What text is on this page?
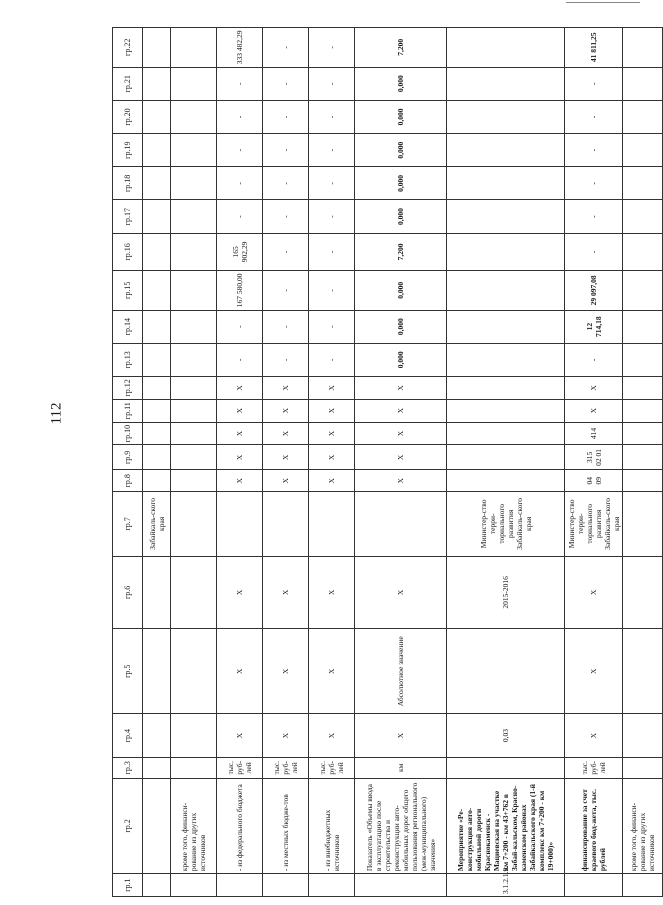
112
гр.1	гр.2	гр.3	гр.4	гр.5	гр.6	гр.7	гр.8	гр.9	гр.10	гр.11	гр.12	гр.13	гр.14	гр.15	гр.16	гр.17	гр.18	гр.19	гр.20	гр.21	гр.22
						Забайкаль-ского края															
	кроме того, финанси-рование из других источников																				
	- из федерального бюджета	тыс. руб-лей	X	X	X		X	X	X	X	X	-	-	167 580,00	165 902,29	-	-	-	-	-	333 482,29
	- из местных бюдже-тов	тыс. руб-лей	X	X	X		X	X	X	X	X	-	-	-	-	-	-	-	-	-	-
	- из внебюджетных источников	тыс. руб-лей	X	X	X		X	X	X	X	X	-	-	-	-	-	-	-	-	-	-
	Показатель «Объемы ввода в эксплуатацию после строительства и реконструкции авто-мобильных дорог общего пользования регионального (меж-муниципального) значения»	км	X	Абсолютное значение	X		X	X	X	X	X	0,000	0,000	0,000	7,200	0,000	0,000	0,000	0,000	0,000	7,200
3.1.2.1.9.	Мероприятие «Ре-конструкция авто-мобильной дороги Краснокаменск - Мациевская на участке км 7+200 - км 43+762 в Забай-кальском, Красно-каменском районах Забайкальского края (1-й комплекс км 7+200 - км 19+000)»		0,03		2015-2016	Министер-ство терри-ториального развития Забайкаль-ского края															
	финансирование за счет краевого бюд-жета, тыс. рублей	тыс. руб-лей	X	X	X	Министер-ство терри-ториального развития Забайкаль-ского края	04 09	315 02 01	414	X	X	-	12 714,18	29 097,08	-	-	-	-	-	-	41 811,25
	кроме того, финанси-рование из других источников																				
